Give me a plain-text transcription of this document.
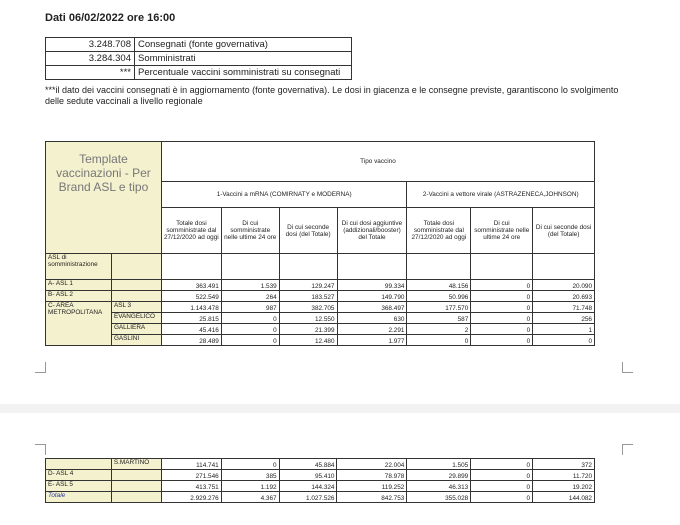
Dati 06/02/2022 ore 16:00
3.248.708	Consegnati (fonte governativa)
3.284.304	Somministrati
***	Percentuale vaccini somministrati su consegnati
***il dato dei vaccini consegnati è in aggiornamento (fonte governativa). Le dosi in giacenza e le consegne previste, garantiscono lo svolgimento delle sedute vaccinali a livello regionale
Template vaccinazioni - Per Brand ASL e tipo		Tipo vaccino						
		1-Vaccini a mRNA (COMIRNATY e MODERNA)				2-Vaccini a vettore virale (ASTRAZENECA,JOHNSON)		
		Totale dosi somministrate dal 27/12/2020 ad oggi	Di cui somministrate nelle ultime 24 ore	Di cui seconde dosi (del Totale)	Di cui dosi aggiuntive (addizionali/booster) del Totale	Totale dosi somministrate dal 27/12/2020 ad oggi	Di cui somministrate nelle ultime 24 ore	Di cui seconde dosi (del Totale)
ASL di somministrazione								
A- ASL 1		363.491	1.539	129.247	99.334	48.156	0	20.090
B- ASL 2		522.549	264	183.527	149.790	50.996	0	20.693
C- AREA METROPOLITANA	ASL 3	1.143.478	987	382.705	368.497	177.570	0	71.748
	EVANGELICO	25.815	0	12.550	630	587	0	256
	GALLIERA	45.416	0	21.399	2.291	2	0	1
	GASLINI	28.489	0	12.480	1.977	0	0	0
	S.MARTINO	114.741	0	45.884	22.004	1.505	0	372
D- ASL 4		271.546	385	95.410	78.978	29.899	0	11.720
E- ASL 5		413.751	1.192	144.324	119.252	46.313	0	19.202
Totale		2.929.276	4.367	1.027.526	842.753	355.028	0	144.082
